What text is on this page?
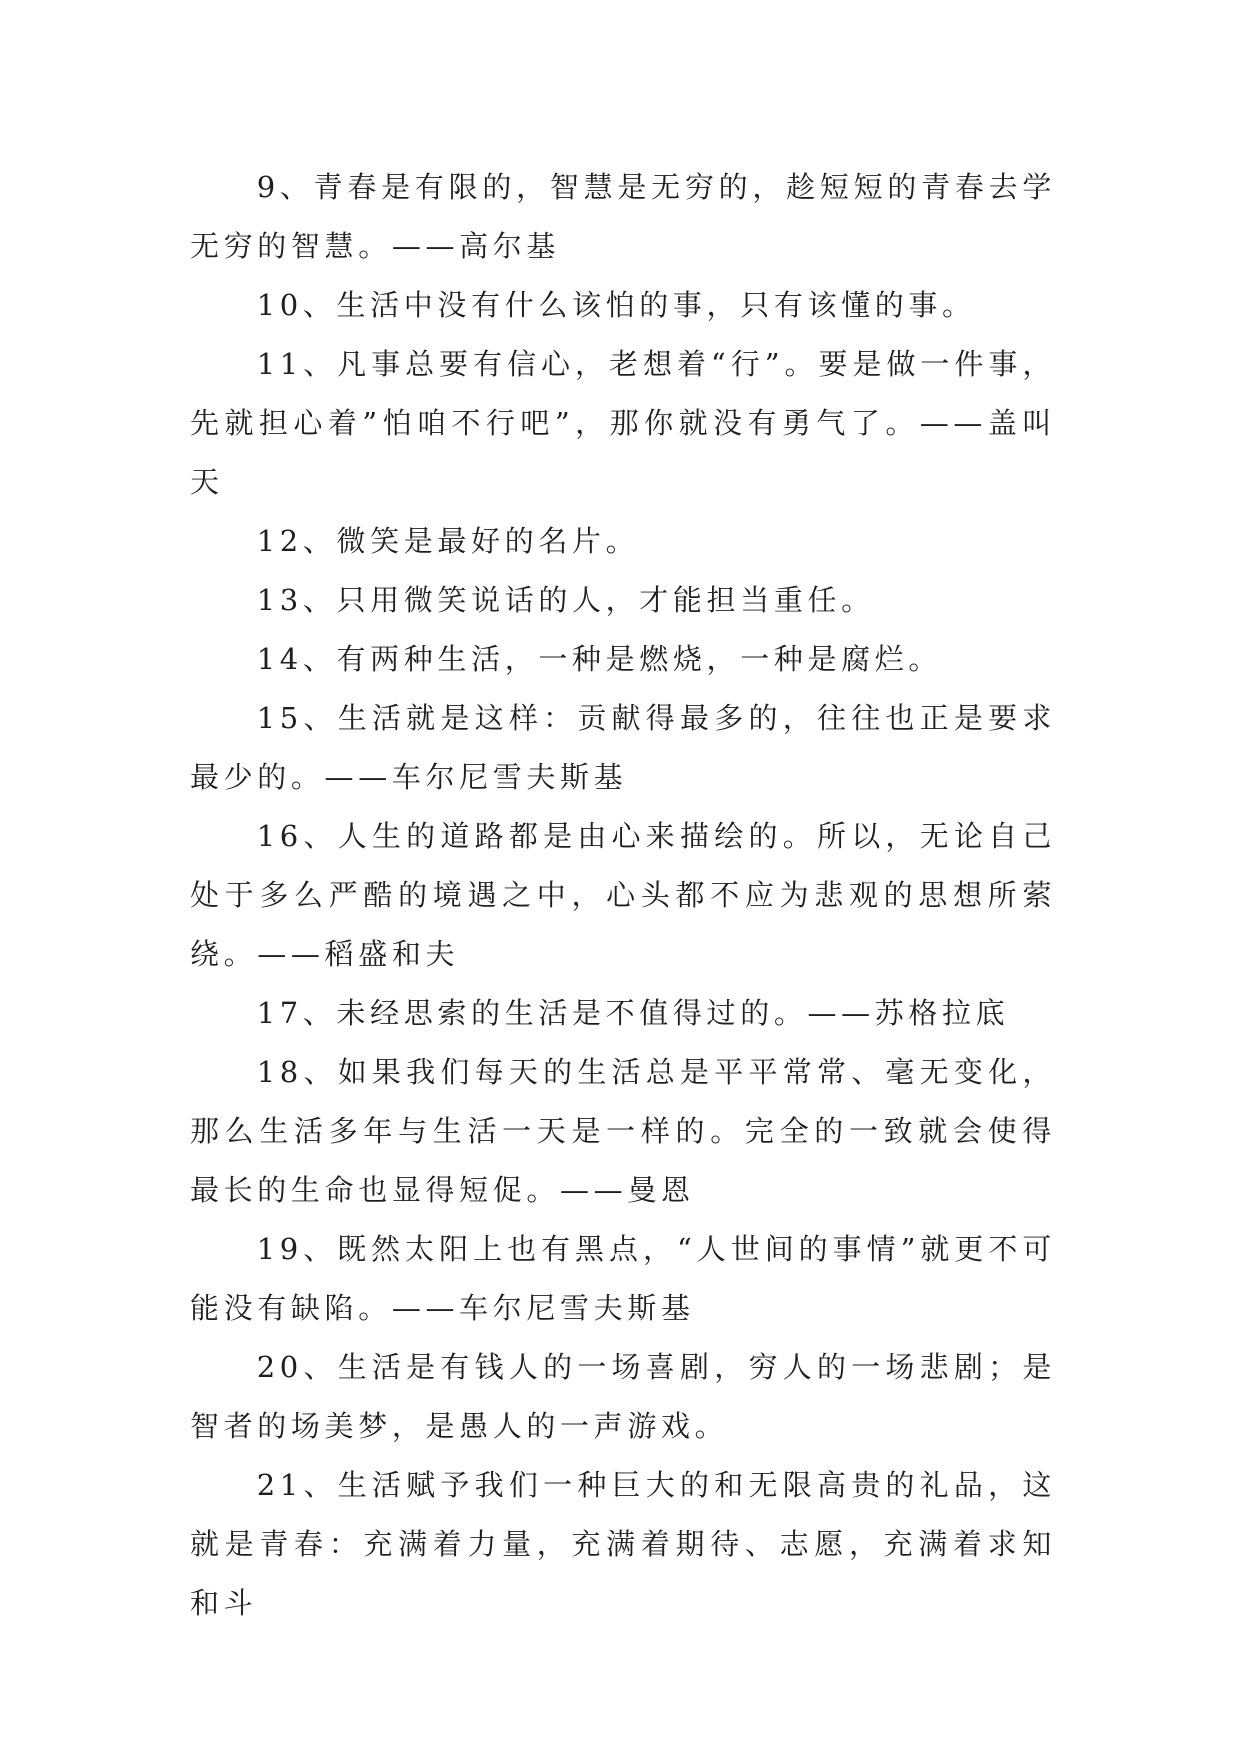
9、青春是有限的，智慧是无穷的，趁短短的青春去学无穷的智慧。——高尔基

10、生活中没有什么该怕的事，只有该懂的事。

11、凡事总要有信心，老想着“行”。要是做一件事，先就担心着”怕咱不行吧”，那你就没有勇气了。——盖叫天

12、微笑是最好的名片。

13、只用微笑说话的人，才能担当重任。

14、有两种生活，一种是燃烧，一种是腐烂。

15、生活就是这样：贡献得最多的，往往也正是要求最少的。——车尔尼雪夫斯基

16、人生的道路都是由心来描绘的。所以，无论自己处于多么严酷的境遇之中，心头都不应为悲观的思想所萦绕。——稻盛和夫

17、未经思索的生活是不值得过的。——苏格拉底

18、如果我们每天的生活总是平平常常、毫无变化，那么生活多年与生活一天是一样的。完全的一致就会使得最长的生命也显得短促。——曼恩

19、既然太阳上也有黑点，“人世间的事情”就更不可能没有缺陷。——车尔尼雪夫斯基

20、生活是有钱人的一场喜剧，穷人的一场悲剧；是智者的场美梦，是愚人的一声游戏。

21、生活赋予我们一种巨大的和无限高贵的礼品，这就是青春：充满着力量，充满着期待、志愿，充满着求知和斗
